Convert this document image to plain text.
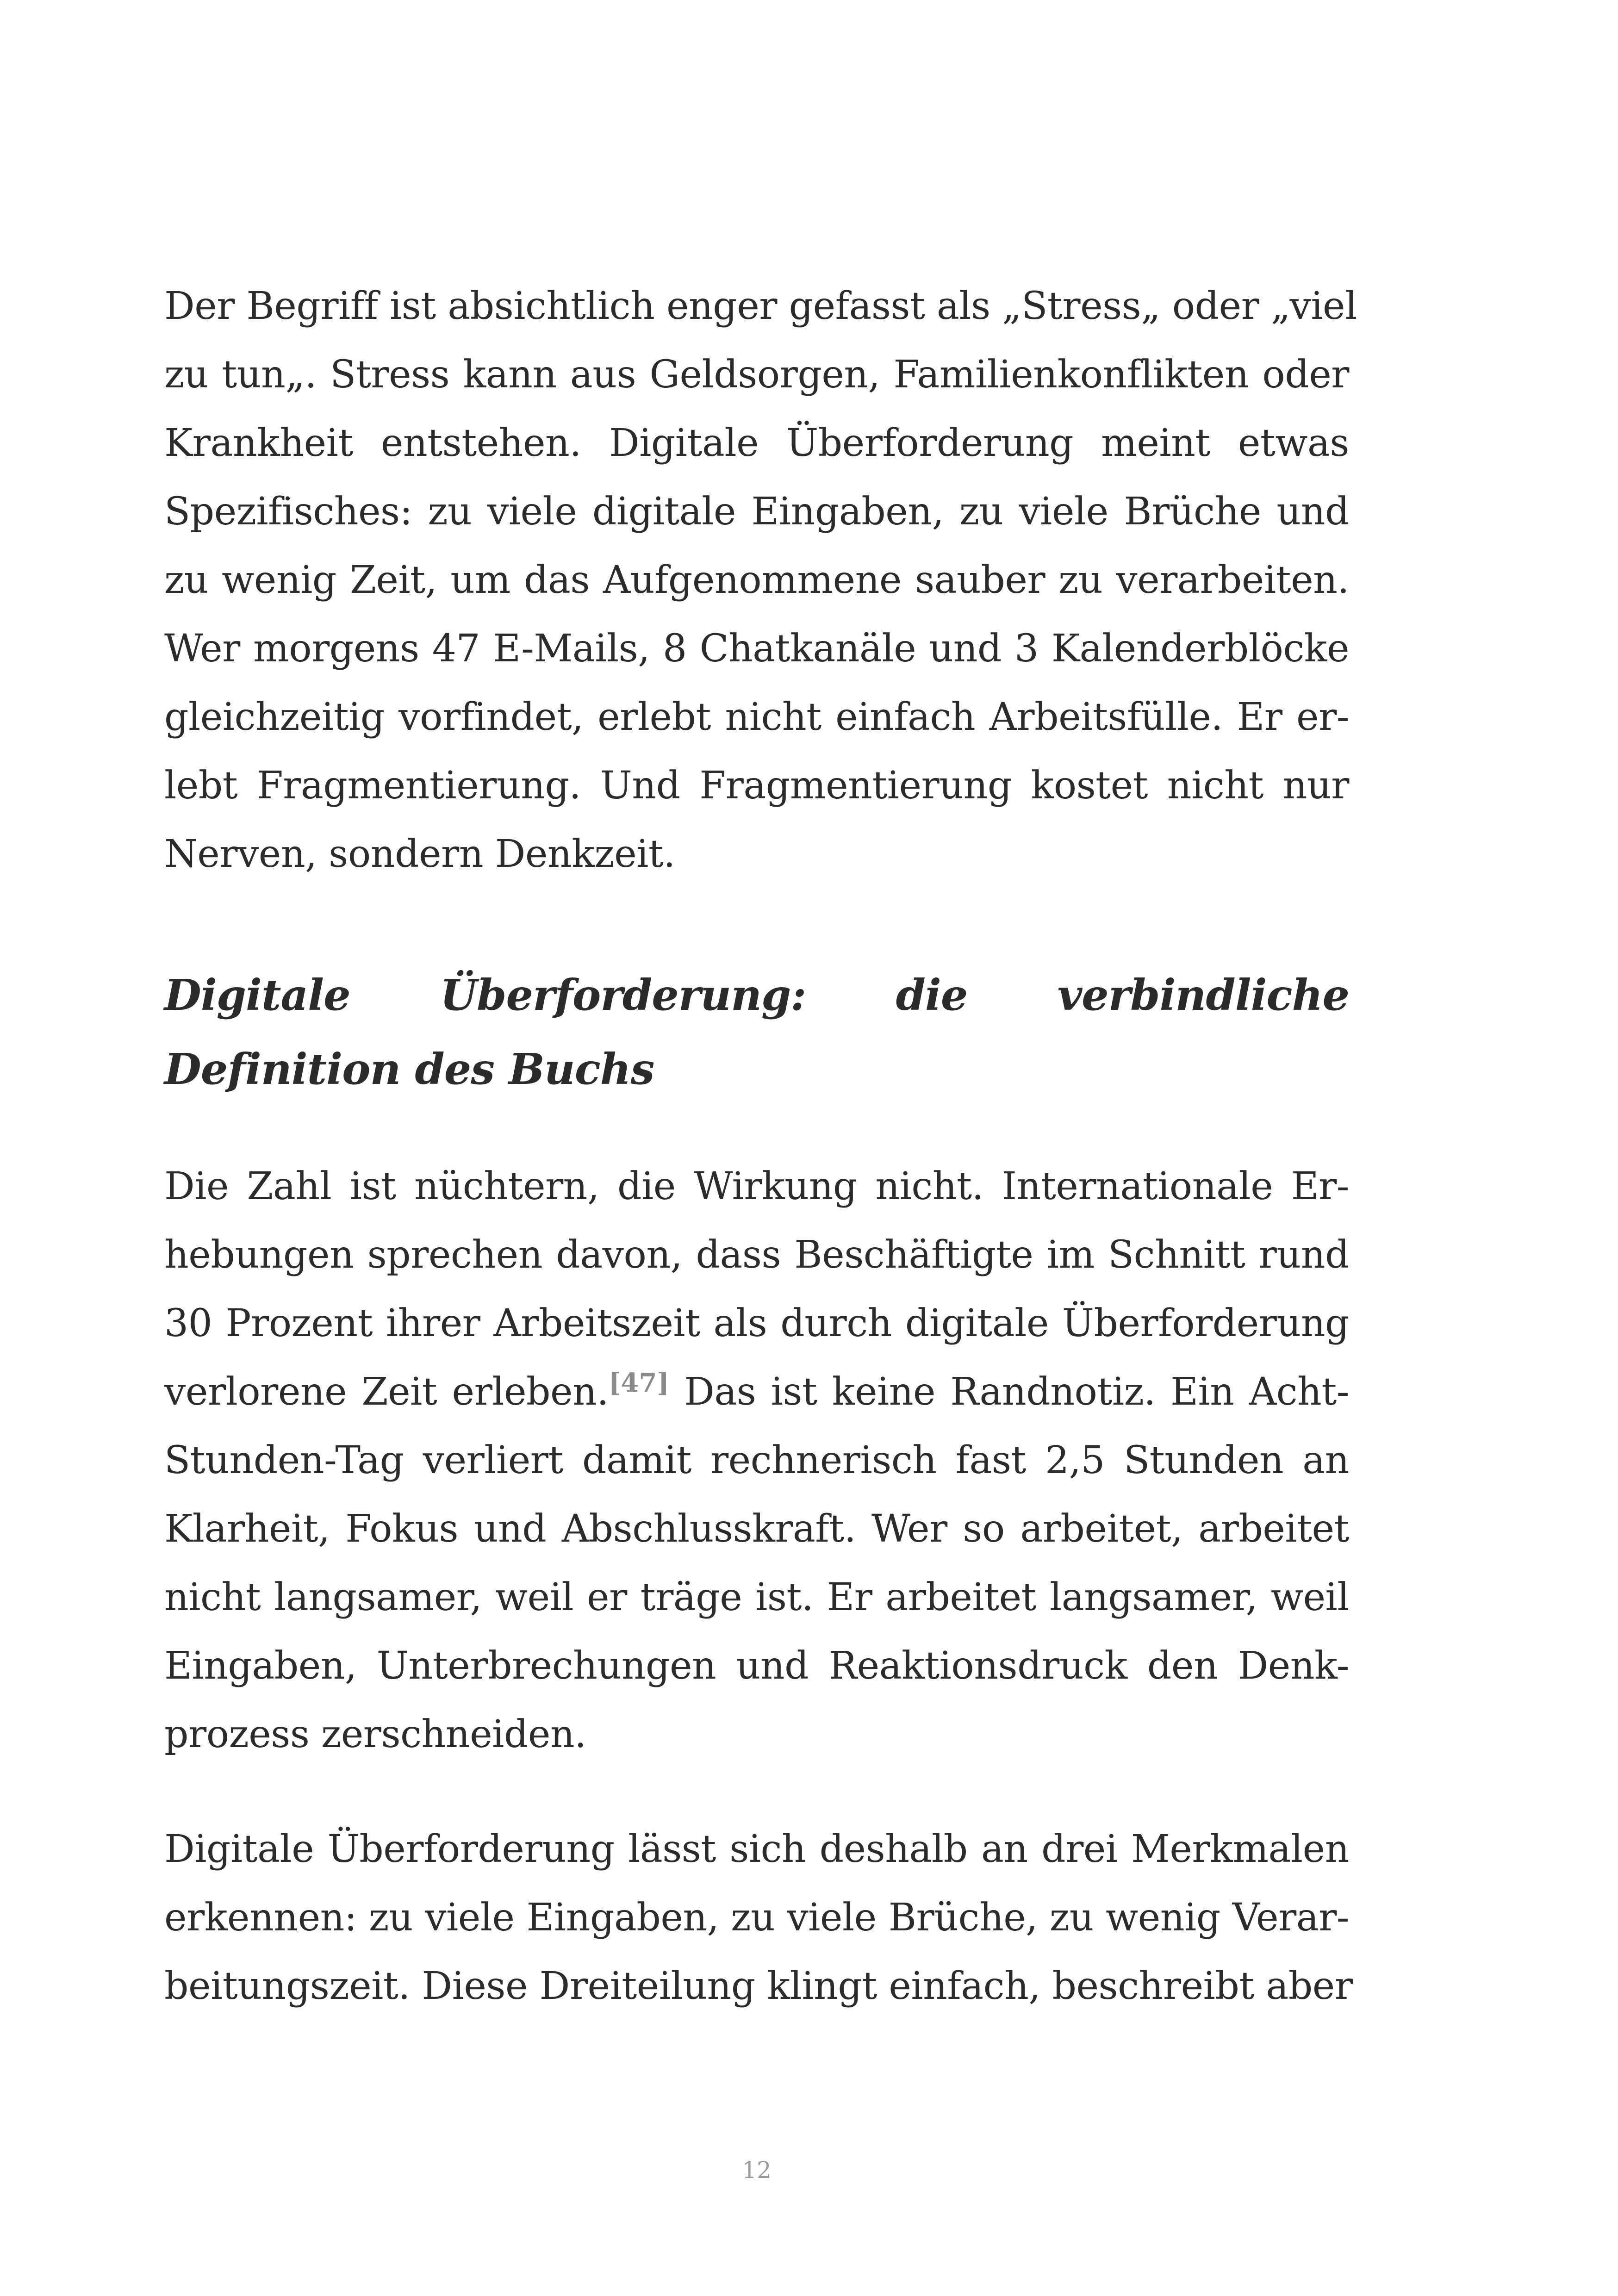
Der Begriff ist absichtlich enger gefasst als „Stress„ oder „viel
zu tun„. Stress kann aus Geldsorgen, Familienkonflikten oder
Krankheit entstehen. Digitale Überforderung meint etwas
Spezifisches: zu viele digitale Eingaben, zu viele Brüche und
zu wenig Zeit, um das Aufgenommene sauber zu verarbeiten.
Wer morgens 47 E-Mails, 8 Chatkanäle und 3 Kalenderblöcke
gleichzeitig vorfindet, erlebt nicht einfach Arbeitsfülle. Er er-
lebt Fragmentierung. Und Fragmentierung kostet nicht nur
Nerven, sondern Denkzeit.

Digitale Überforderung: die verbindliche
Definition des Buchs

Die Zahl ist nüchtern, die Wirkung nicht. Internationale Er-
hebungen sprechen davon, dass Beschäftigte im Schnitt rund
30 Prozent ihrer Arbeitszeit als durch digitale Überforderung
verlorene Zeit erleben.[47] Das ist keine Randnotiz. Ein Acht-
Stunden-Tag verliert damit rechnerisch fast 2,5 Stunden an
Klarheit, Fokus und Abschlusskraft. Wer so arbeitet, arbeitet
nicht langsamer, weil er träge ist. Er arbeitet langsamer, weil
Eingaben, Unterbrechungen und Reaktionsdruck den Denk-
prozess zerschneiden.

Digitale Überforderung lässt sich deshalb an drei Merkmalen
erkennen: zu viele Eingaben, zu viele Brüche, zu wenig Verar-
beitungszeit. Diese Dreiteilung klingt einfach, beschreibt aber

12
